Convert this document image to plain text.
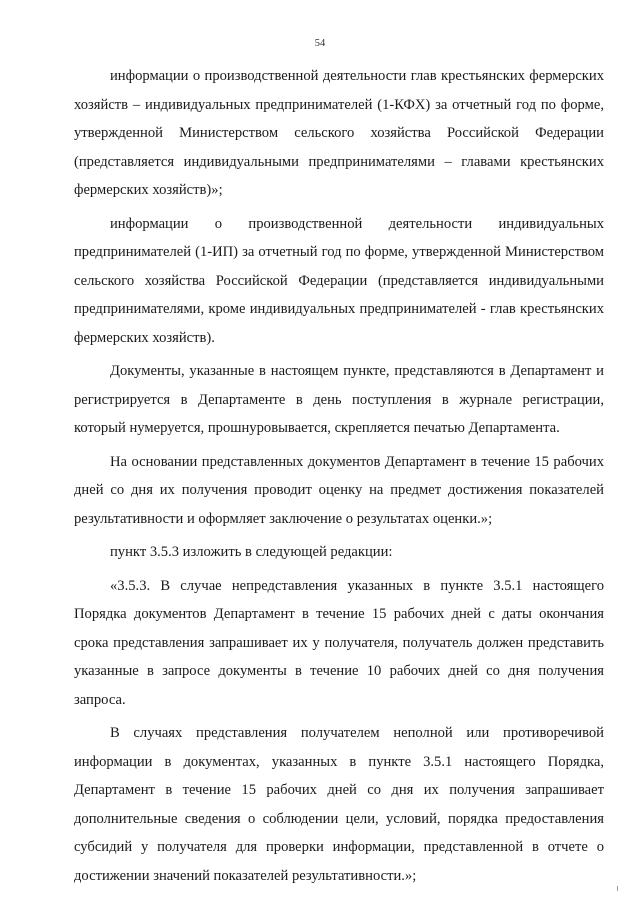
54

информации о производственной деятельности глав крестьянских фермерских хозяйств – индивидуальных предпринимателей (1-КФХ) за отчетный год по форме, утвержденной Министерством сельского хозяйства Российской Федерации (представляется индивидуальными предпринимателями – главами крестьянских фермерских хозяйств)»;

информации о производственной деятельности индивидуальных предпринимателей (1-ИП) за отчетный год по форме, утвержденной Министерством сельского хозяйства Российской Федерации (представляется индивидуальными предпринимателями, кроме индивидуальных предпринимателей - глав крестьянских фермерских хозяйств).

Документы, указанные в настоящем пункте, представляются в Департамент и регистрируется в Департаменте в день поступления в журнале регистрации, который нумеруется, прошнуровывается, скрепляется печатью Департамента.

На основании представленных документов Департамент в течение 15 рабочих дней со дня их получения проводит оценку на предмет достижения показателей результативности и оформляет заключение о результатах оценки.»;

пункт 3.5.3 изложить в следующей редакции:

«3.5.3. В случае непредставления указанных в пункте 3.5.1 настоящего Порядка документов Департамент в течение 15 рабочих дней с даты окончания срока представления запрашивает их у получателя, получатель должен представить указанные в запросе документы в течение 10 рабочих дней со дня получения запроса.

В случаях представления получателем неполной или противоречивой информации в документах, указанных в пункте 3.5.1 настоящего Порядка, Департамент в течение 15 рабочих дней со дня их получения запрашивает дополнительные сведения о соблюдении цели, условий, порядка предоставления субсидий у получателя для проверки информации, представленной в отчете о достижении значений показателей результативности.»;
